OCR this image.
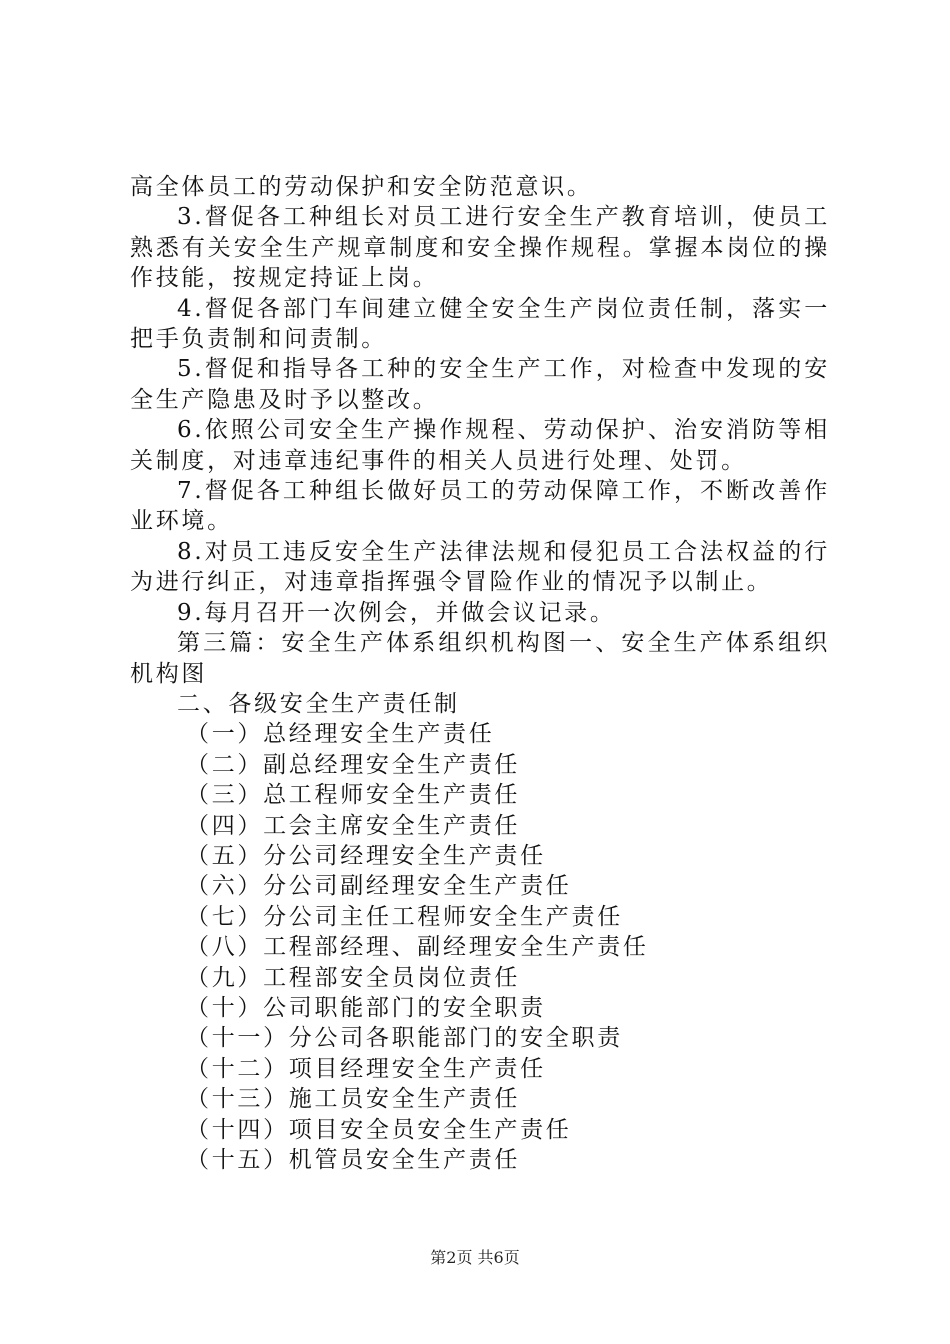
高全体员工的劳动保护和安全防范意识。

3.督促各工种组长对员工进行安全生产教育培训，使员工熟悉有关安全生产规章制度和安全操作规程。掌握本岗位的操作技能，按规定持证上岗。

4.督促各部门车间建立健全安全生产岗位责任制，落实一把手负责制和问责制。

5.督促和指导各工种的安全生产工作，对检查中发现的安全生产隐患及时予以整改。

6.依照公司安全生产操作规程、劳动保护、治安消防等相关制度，对违章违纪事件的相关人员进行处理、处罚。

7.督促各工种组长做好员工的劳动保障工作，不断改善作业环境。

8.对员工违反安全生产法律法规和侵犯员工合法权益的行为进行纠正，对违章指挥强令冒险作业的情况予以制止。

9.每月召开一次例会，并做会议记录。

第三篇：安全生产体系组织机构图一、安全生产体系组织机构图

二、各级安全生产责任制

（一）总经理安全生产责任

（二）副总经理安全生产责任

（三）总工程师安全生产责任

（四）工会主席安全生产责任

（五）分公司经理安全生产责任

（六）分公司副经理安全生产责任

（七）分公司主任工程师安全生产责任

（八）工程部经理、副经理安全生产责任

（九）工程部安全员岗位责任

（十）公司职能部门的安全职责

（十一）分公司各职能部门的安全职责

（十二）项目经理安全生产责任

（十三）施工员安全生产责任

（十四）项目安全员安全生产责任

（十五）机管员安全生产责任

第2页 共6页
